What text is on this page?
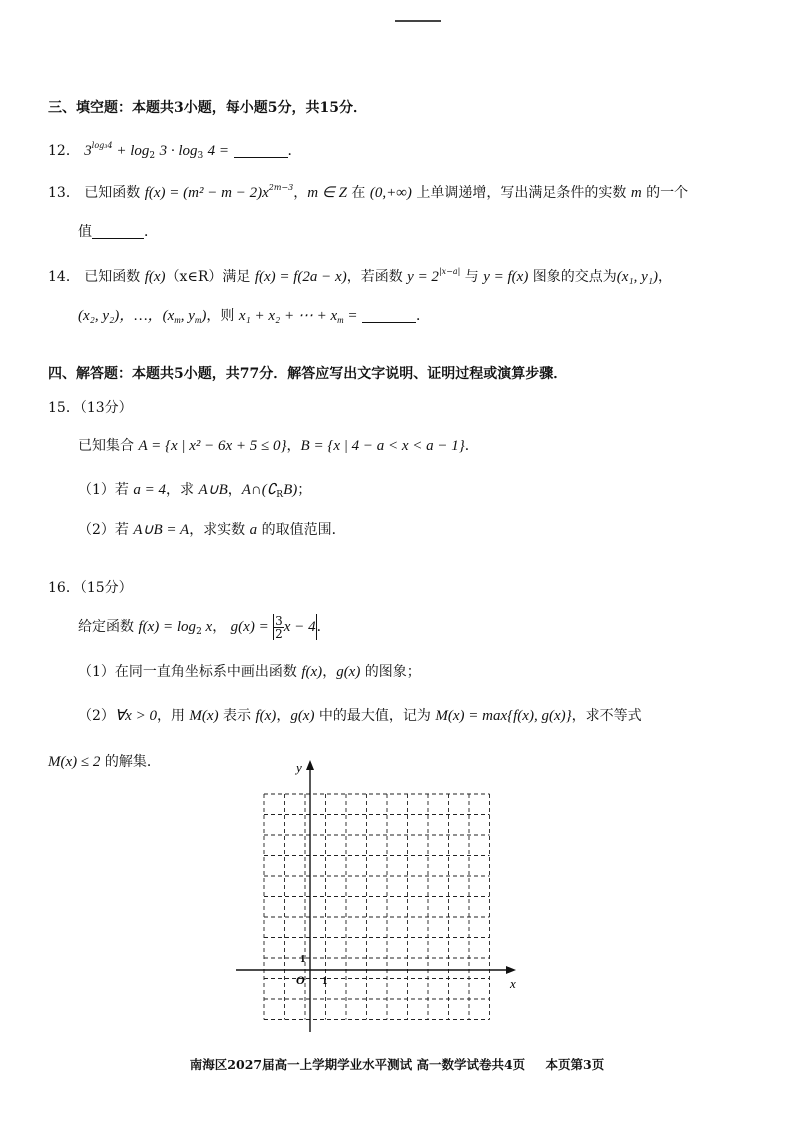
三、填空题：本题共3小题，每小题5分，共15分．
12． $3^{log_34} + \log_2 3 \cdot \log_3 4$ =	．
13． 已知函数 $f(x) = (m^2 - m - 2)x^{2m-3}$，m ∈ Z 在 (0,+∞) 上单调递增，写出满足条件的实数 m 的一个
值	．
14． 已知函数 f(x)（x∈R）满足 f(x) = f(2a − x)，若函数 $y = 2^{|x-a|}$ 与 y = f(x) 图象的交点为(x₁, y₁)，
(x₂, y₂)，…，($x_m$, $y_m$)，则 x₁ + x₂ + ⋯ + $x_m$ =	．
四、解答题：本题共5小题，共77分．解答应写出文字说明、证明过程或演算步骤．
15．（13分）
已知集合 A = {x | x² − 6x + 5 ≤ 0}，B = {x | 4 − a < x < a − 1}．
（1）若 a = 4，求 A∪B，$A\cap(∁_RB)$；
（2）若 A∪B = A，求实数 a 的取值范围．
16．（15分）
给定函数 $f(x) = \log_2 x$， $g(x) = \frac{3}{2}$ x − 4．
（1）在同一直角坐标系中画出函数 f(x)，g(x) 的图象；
（2）∀x > 0，用 M(x) 表示 f(x)，g(x) 中的最大值，记为 M(x) = max{f(x), g(x)}，求不等式
M(x) ≤ 2 的解集．
x
y
O 1
1
南海区2027届高一上学期学业水平测试 高一数学试卷共4页 本页第3页
